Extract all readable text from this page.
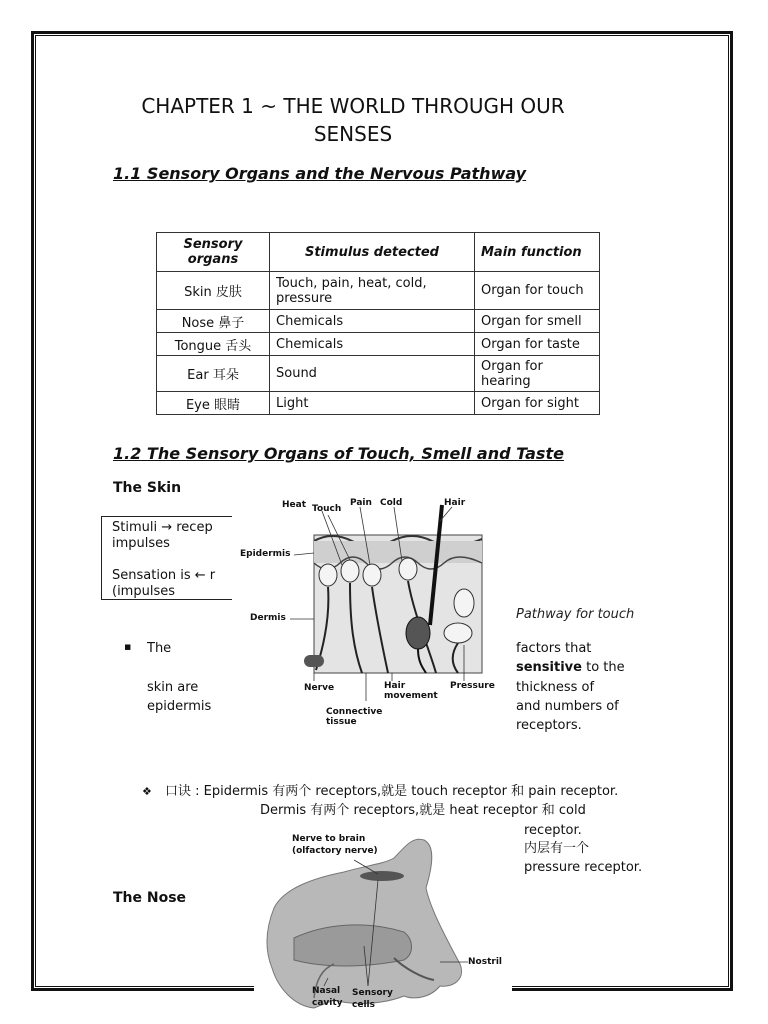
CHAPTER 1 ~ THE WORLD THROUGH OUR
SENSES
1.1 Sensory Organs and the Nervous Pathway
Sensory organs	Stimulus detected	Main function
Skin 皮肤	Touch, pain, heat, cold, pressure	Organ for touch
Nose 鼻子	Chemicals	Organ for smell
Tongue 舌头	Chemicals	Organ for taste
Ear 耳朵	Sound	Organ for hearing
Eye 眼睛	Light	Organ for sight
1.2 The Sensory Organs of Touch, Smell and Taste
The Skin

Stimuli → recep
impulses

Sensation is ← r
(impulses

Heat Touch
Pain Cold	Hair
Epidermis
Dermis
Nerve	Hair
movement
Pressure
Connective
tissue
Pathway for touch
▪ The
skin are
epidermis
factors that
sensitive to the
thickness of
and numbers of
receptors.
❖ 口诀 : Epidermis 有两个 receptors,就是 touch receptor 和 pain receptor.
Dermis 有两个 receptors,就是 heat receptor 和 cold
receptor.
内层有一个
pressure receptor.
The Nose
Nerve to brain
(olfactory nerve)
Nostril
Nasal
cavity
Sensory
cells
